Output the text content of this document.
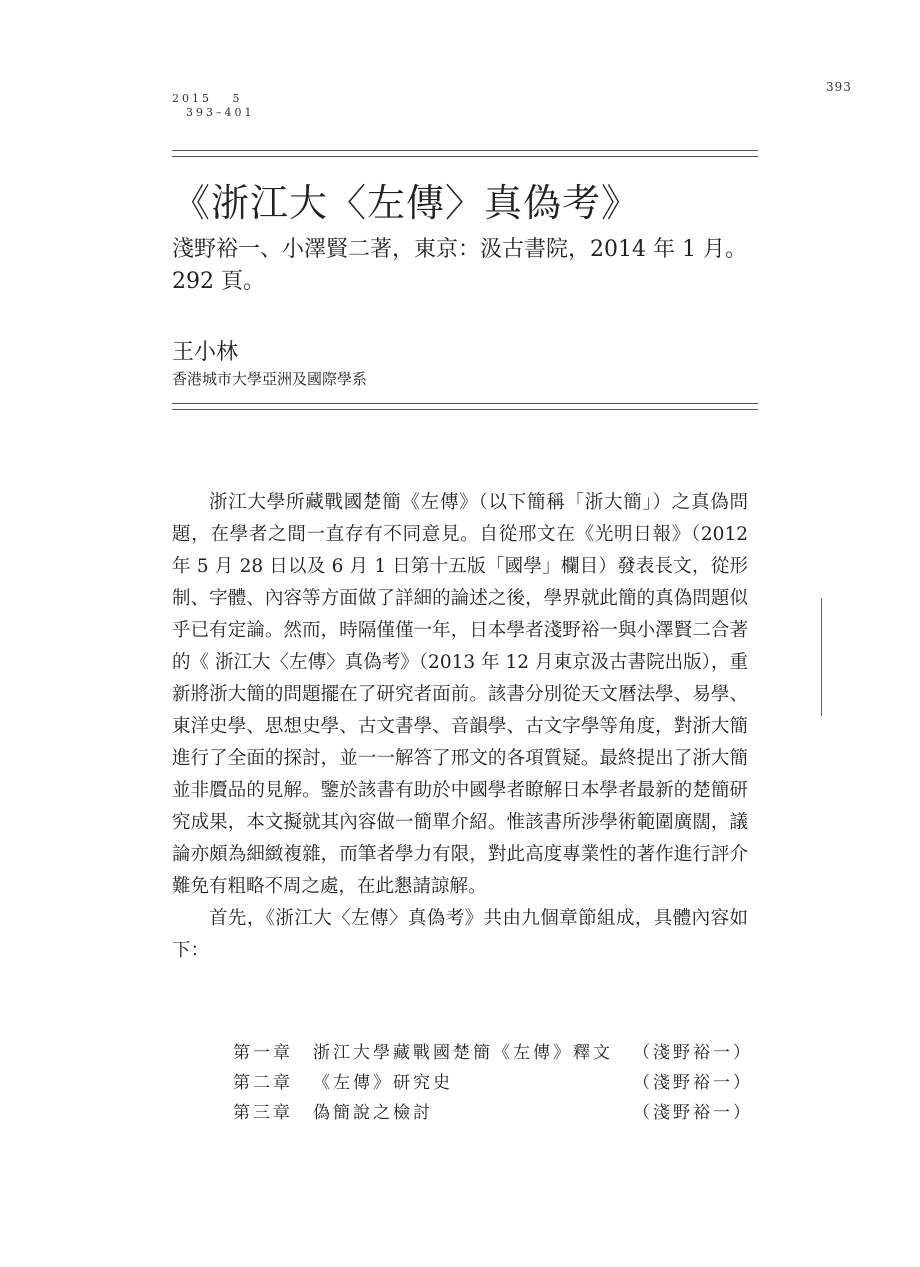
393
2015　 5
393–401
《浙江大〈左傳〉真偽考》
淺野裕一、小澤賢二著，東京：汲古書院，2014 年 1 月。292 頁。
王小林
香港城市大學亞洲及國際學系

浙江大學所藏戰國楚簡《左傳》（以下簡稱「浙大簡」）之真偽問題，在學者之間一直存有不同意見。自從邢文在《光明日報》（2012 年 5 月 28 日以及 6 月 1 日第十五版「國學」欄目）發表長文，從形制、字體、內容等方面做了詳細的論述之後，學界就此簡的真偽問題似乎已有定論。然而，時隔僅僅一年，日本學者淺野裕一與小澤賢二合著的《 浙江大〈左傳〉真偽考》（2013 年 12 月東京汲古書院出版），重新將浙大簡的問題擺在了研究者面前。該書分別從天文曆法學、易學、東洋史學、思想史學、古文書學、音韻學、古文字學等角度，對浙大簡進行了全面的探討，並一一解答了邢文的各項質疑。最終提出了浙大簡並非贗品的見解。鑒於該書有助於中國學者瞭解日本學者最新的楚簡研究成果，本文擬就其內容做一簡單介紹。惟該書所涉學術範圍廣闊，議論亦頗為細緻複雜，而筆者學力有限，對此高度專業性的著作進行評介難免有粗略不周之處，在此懇請諒解。

首先，《浙江大〈左傳〉真偽考》共由九個章節組成，具體內容如下：

第一章 浙江大學藏戰國楚簡《左傳》釋文 （淺野裕一）
第二章 《左傳》研究史	（淺野裕一）
第三章 偽簡說之檢討	（淺野裕一）
